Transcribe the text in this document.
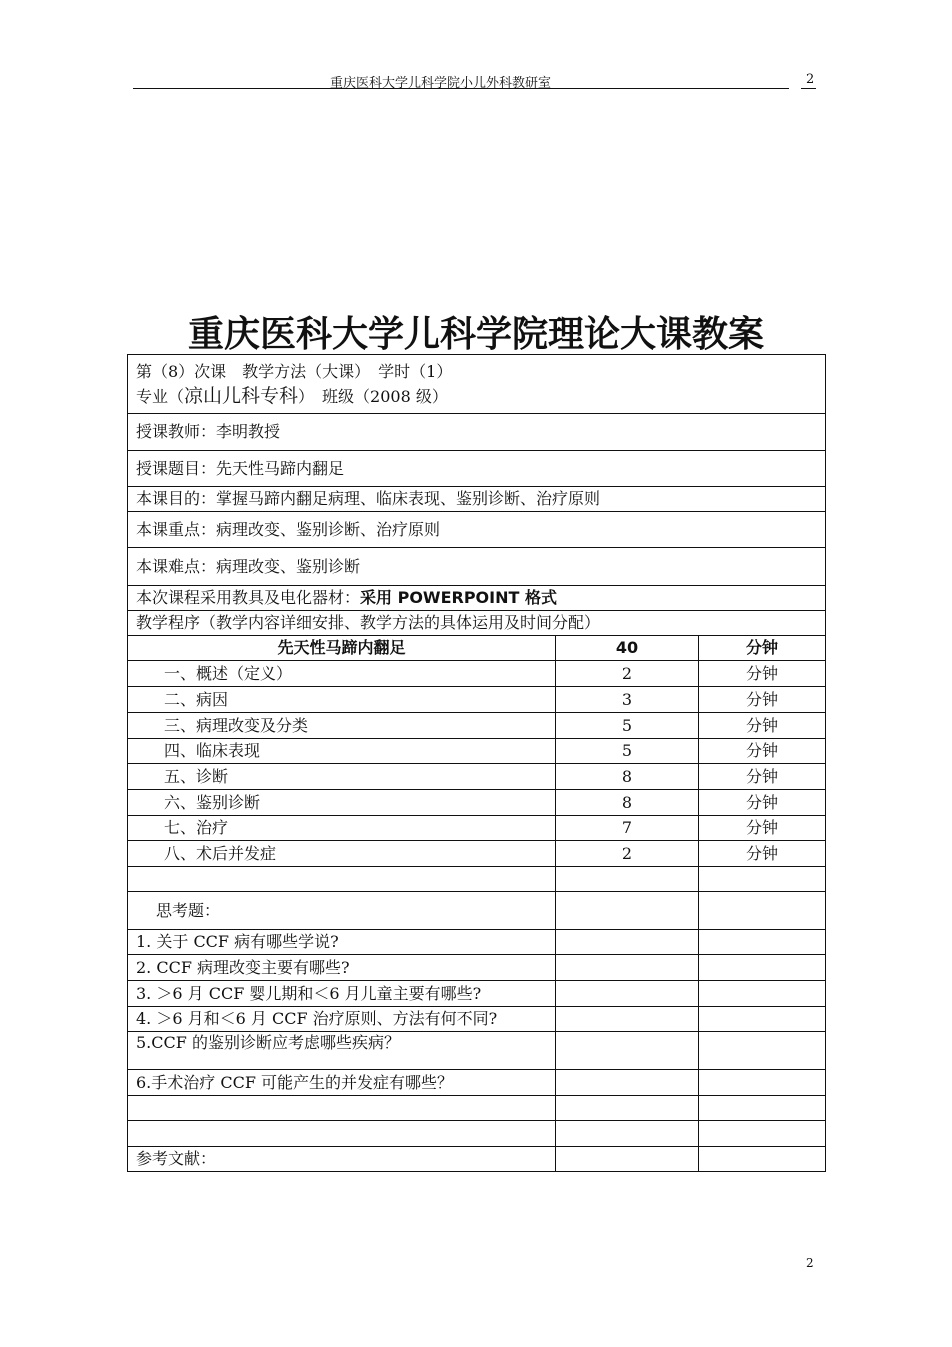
重庆医科大学儿科学院小儿外科教研室	2
重庆医科大学儿科学院理论大课教案
第（8）次课　教学方法（大课）　学时（1）
专业（凉山儿科专科）　班级（2008 级）		

授课教师：李明教授		
授课题目：先天性马蹄内翻足		
本课目的：掌握马蹄内翻足病理、临床表现、鉴别诊断、治疗原则		
本课重点：病理改变、鉴别诊断、治疗原则		
本课难点：病理改变、鉴别诊断		
本次课程采用教具及电化器材：采用 POWERPOINT 格式		
教学程序（教学内容详细安排、教学方法的具体运用及时间分配）		
先天性马蹄内翻足	40	分钟
一、概述（定义）	2	分钟
二、病因	3	分钟
三、病理改变及分类	5	分钟
四、临床表现	5	分钟
五、诊断	8	分钟
六、鉴别诊断	8	分钟
七、治疗	7	分钟
八、术后并发症	2	分钟

思考题：		
1. 关于 CCF 病有哪些学说?		
2. CCF 病理改变主要有哪些?		
3. ＞6 月 CCF 婴儿期和＜6 月儿童主要有哪些?		
4. ＞6 月和＜6 月 CCF 治疗原则、方法有何不同?		
5.CCF 的鉴别诊断应考虑哪些疾病？		
6.手术治疗 CCF 可能产生的并发症有哪些？		

参考文献：		
2
